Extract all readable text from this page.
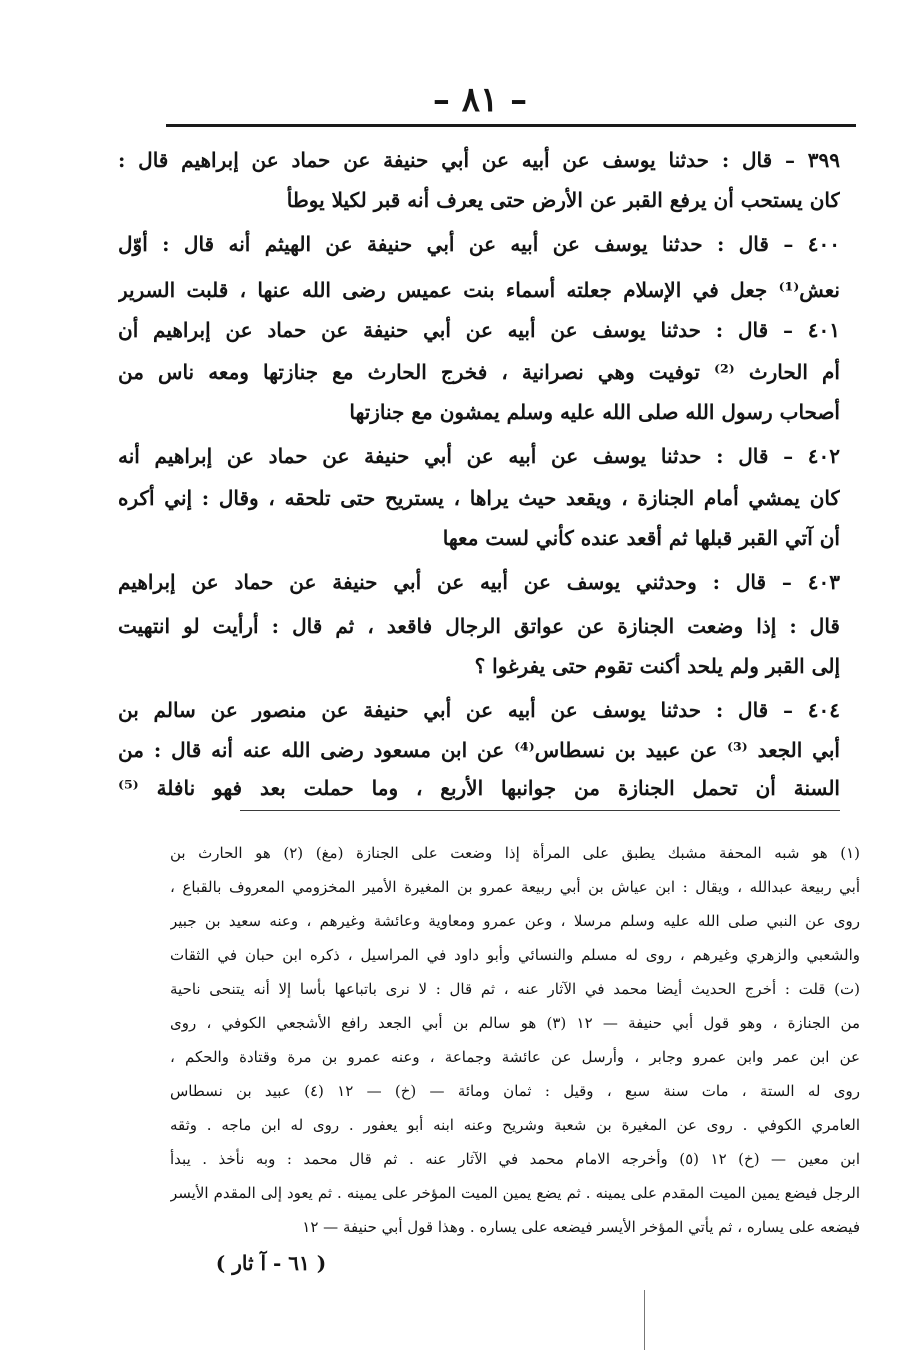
– ٨١ –
٣٩٩ – قال : حدثنا يوسف عن أبيه عن أبي حنيفة عن حماد عن إبراهيم قال :
كان يستحب أن يرفع القبر عن الأرض حتى يعرف أنه قبر لكيلا يوطأ
٤٠٠ – قال : حدثنا يوسف عن أبيه عن أبي حنيفة عن الهيثم أنه قال : أوّل
نعش⁽¹⁾ جعل في الإسلام جعلته أسماء بنت عميس رضى الله عنها ، قلبت السرير
٤٠١ – قال : حدثنا يوسف عن أبيه عن أبي حنيفة عن حماد عن إبراهيم أن
أم الحارث ⁽²⁾ توفيت وهي نصرانية ، فخرج الحارث مع جنازتها ومعه ناس من
أصحاب رسول الله صلى الله عليه وسلم يمشون مع جنازتها
٤٠٢ – قال : حدثنا يوسف عن أبيه عن أبي حنيفة عن حماد عن إبراهيم أنه
كان يمشي أمام الجنازة ، ويقعد حيث يراها ، يستريح حتى تلحقه ، وقال : إني أكره
أن آتي القبر قبلها ثم أقعد عنده كأني لست معها
٤٠٣ – قال : وحدثني يوسف عن أبيه عن أبي حنيفة عن حماد عن إبراهيم
قال : إذا وضعت الجنازة عن عواتق الرجال فاقعد ، ثم قال : أرأيت لو انتهيت
إلى القبر ولم يلحد أكنت تقوم حتى يفرغوا ؟
٤٠٤ – قال : حدثنا يوسف عن أبيه عن أبي حنيفة عن منصور عن سالم بن
أبي الجعد ⁽³⁾ عن عبيد بن نسطاس⁽⁴⁾ عن ابن مسعود رضى الله عنه أنه قال : من
السنة أن تحمل الجنازة من جوانبها الأربع ، وما حملت بعد فهو نافلة ⁽⁵⁾
(١) هو شبه المحفة مشبك يطبق على المرأة إذا وضعت على الجنازة (مغ) (٢) هو الحارث بن
أبي ربيعة عبدالله ، ويقال : ابن عياش بن أبي ربيعة عمرو بن المغيرة الأمير المخزومي المعروف بالقباع ،
روى عن النبي صلى الله عليه وسلم مرسلا ، وعن عمرو ومعاوية وعائشة وغيرهم ، وعنه سعيد بن جبير
والشعبي والزهري وغيرهم ، روى له مسلم والنسائي وأبو داود في المراسيل ، ذكره ابن حبان في الثقات
(ت) قلت : أخرج الحديث أيضا محمد في الآثار عنه ، ثم قال : لا نرى باتباعها بأسا إلا أنه يتنحى ناحية
من الجنازة ، وهو قول أبي حنيفة — ١٢ (٣) هو سالم بن أبي الجعد رافع الأشجعي الكوفي ، روى
عن ابن عمر وابن عمرو وجابر ، وأرسل عن عائشة وجماعة ، وعنه عمرو بن مرة وقتادة والحكم ،
روى له الستة ، مات سنة سبع ، وقيل : ثمان ومائة — (خ) — ١٢ (٤) عبيد بن نسطاس
العامري الكوفي . روى عن المغيرة بن شعبة وشريح وعنه ابنه أبو يعفور . روى له ابن ماجه . وثقه
ابن معين — (خ) ١٢ (٥) وأخرجه الامام محمد في الآثار عنه . ثم قال محمد : وبه نأخذ . يبدأ
الرجل فيضع يمين الميت المقدم على يمينه . ثم يضع يمين الميت المؤخر على يمينه . ثم يعود إلى المقدم الأيسر
فيضعه على يساره ، ثم يأتي المؤخر الأيسر فيضعه على يساره . وهذا قول أبي حنيفة — ١٢
( ٦١ - آ ثار )
